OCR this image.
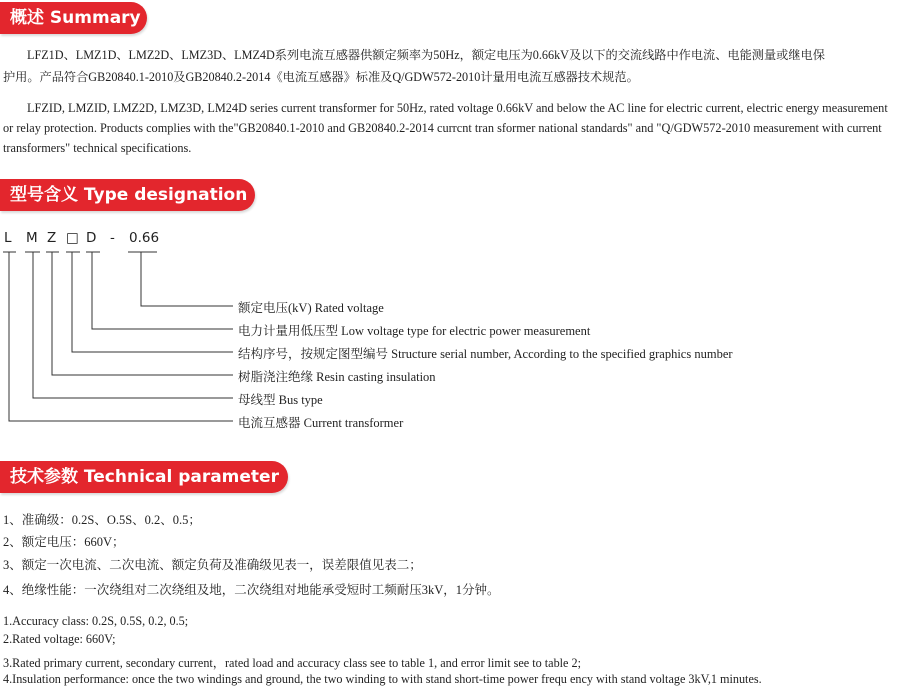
概述 Summary

LFZ1D、LMZ1D、LMZ2D、LMZ3D、LMZ4D系列电流互感器供额定频率为50Hz，额定电压为0.66kV及以下的交流线路中作电流、电能测量或继电保

护用。产品符合GB20840.1-2010及GB20840.2-2014《电流互感器》标准及Q/GDW572-2010计量用电流互感器技术规范。

LFZID, LMZID, LMZ2D, LMZ3D, LM24D series current transformer for 50Hz, rated voltage 0.66kV and below the AC line for electric current, electric energy measurement or relay protection. Products complies with the"GB20840.1-2010 and GB20840.2-2014 currcnt tran sformer national standards" and "Q/GDW572-2010 measurement with current transformers" technical specifications.

型号含义 Type designation
L M Z □ D - 0.66
额定电压(kV) Rated voltage
电力计量用低压型 Low voltage type for electric power measurement
结构序号，按规定图型编号 Structure serial number, According to the specified graphics number
树脂浇注绝缘 Resin casting insulation
母线型 Bus type
电流互感器 Current transformer
技术参数 Technical parameter
1、准确级：0.2S、O.5S、0.2、0.5；
2、额定电压：660V；
3、额定一次电流、二次电流、额定负荷及准确级见表一，误差限值见表二；
4、绝缘性能：一次绕组对二次绕组及地，二次绕组对地能承受短时工频耐压3kV，1分钟。
1.Accuracy class: 0.2S, 0.5S, 0.2, 0.5;
2.Rated voltage: 660V;
3.Rated primary current, secondary current，rated load and accuracy class see to table 1, and error limit see to table 2;
4.Insulation performance: once the two windings and ground, the two winding to with stand short-time power frequ ency with stand voltage 3kV,1 minutes.
